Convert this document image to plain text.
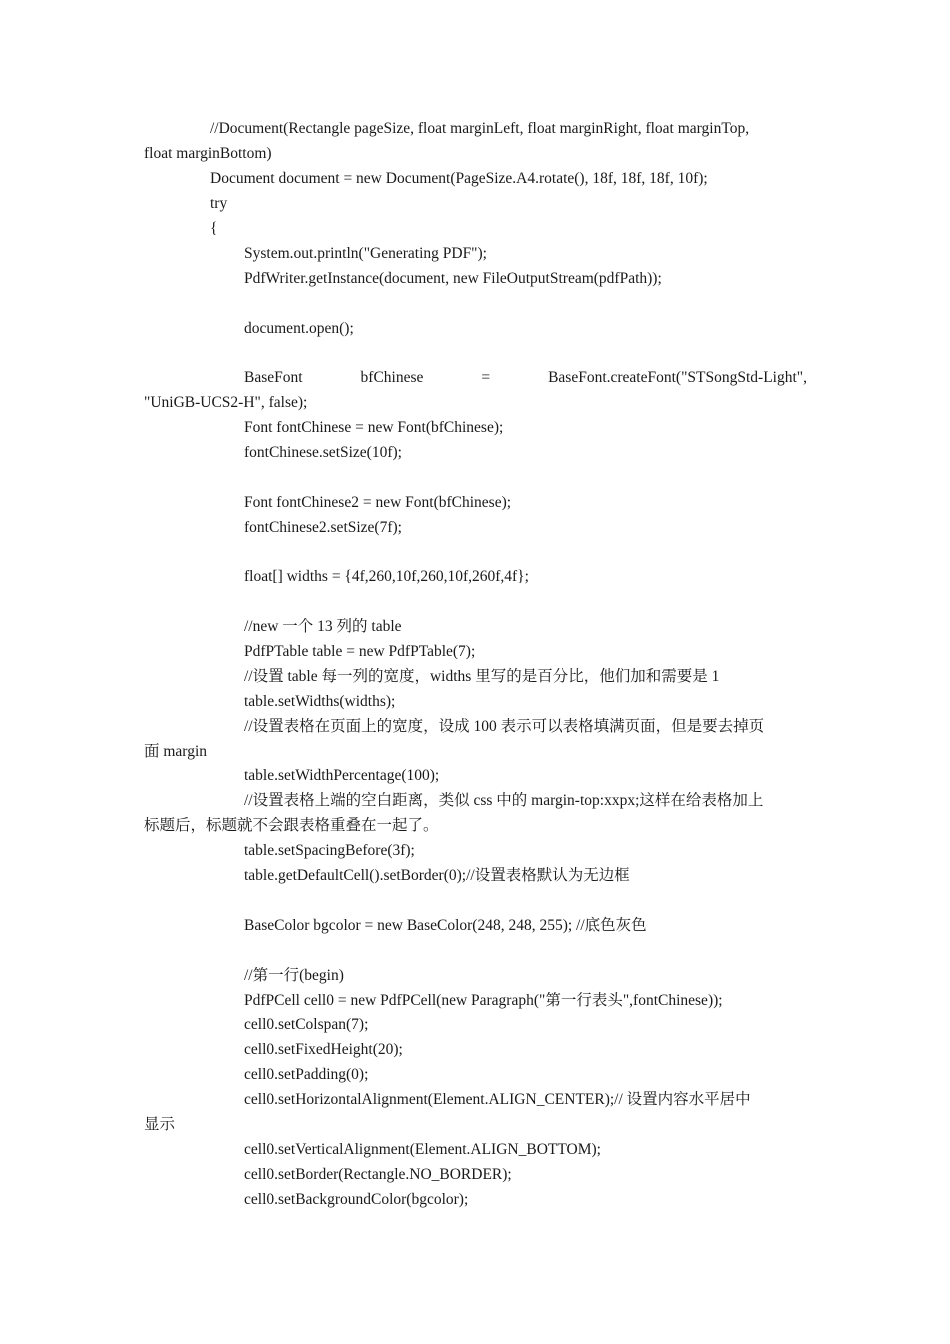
//Document(Rectangle pageSize, float marginLeft, float marginRight, float marginTop,
float marginBottom)
Document document = new Document(PageSize.A4.rotate(), 18f, 18f, 18f, 10f);
try
{
System.out.println("Generating PDF");
PdfWriter.getInstance(document, new FileOutputStream(pdfPath));
document.open();
BaseFont	bfChinese	=	BaseFont.createFont("STSongStd-Light",
"UniGB-UCS2-H", false);
Font fontChinese = new Font(bfChinese);
fontChinese.setSize(10f);
Font fontChinese2 = new Font(bfChinese);
fontChinese2.setSize(7f);
float[] widths = {4f,260,10f,260,10f,260f,4f};
//new 一个 13 列的 table
PdfPTable table = new PdfPTable(7);
//设置 table 每一列的宽度，widths 里写的是百分比，他们加和需要是 1
table.setWidths(widths);
//设置表格在页面上的宽度，设成 100 表示可以表格填满页面，但是要去掉页
面 margin
table.setWidthPercentage(100);
//设置表格上端的空白距离，类似 css 中的 margin-top:xxpx;这样在给表格加上
标题后，标题就不会跟表格重叠在一起了。
table.setSpacingBefore(3f);
table.getDefaultCell().setBorder(0);//设置表格默认为无边框
BaseColor bgcolor = new BaseColor(248, 248, 255); //底色灰色
//第一行(begin)
PdfPCell cell0 = new PdfPCell(new Paragraph("第一行表头",fontChinese));
cell0.setColspan(7);
cell0.setFixedHeight(20);
cell0.setPadding(0);
cell0.setHorizontalAlignment(Element.ALIGN_CENTER);// 设置内容水平居中
显示
cell0.setVerticalAlignment(Element.ALIGN_BOTTOM);
cell0.setBorder(Rectangle.NO_BORDER);
cell0.setBackgroundColor(bgcolor);
